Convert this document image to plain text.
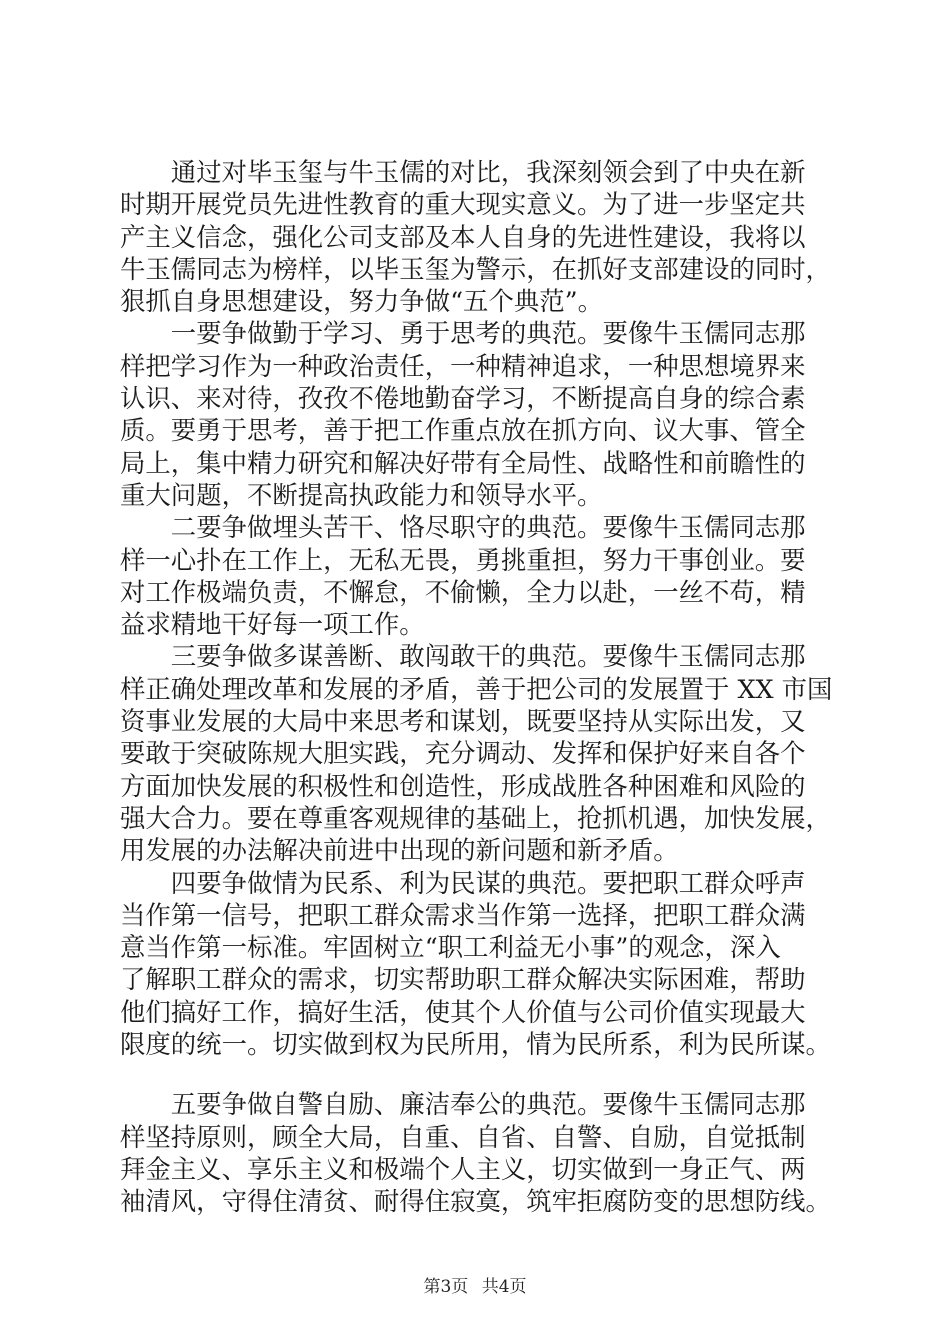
通过对毕玉玺与牛玉儒的对比，我深刻领会到了中央在新
时期开展党员先进性教育的重大现实意义。为了进一步坚定共
产主义信念，强化公司支部及本人自身的先进性建设，我将以
牛玉儒同志为榜样，以毕玉玺为警示，在抓好支部建设的同时，
狠抓自身思想建设，努力争做“五个典范”。

一要争做勤于学习、勇于思考的典范。要像牛玉儒同志那
样把学习作为一种政治责任，一种精神追求，一种思想境界来
认识、来对待，孜孜不倦地勤奋学习，不断提高自身的综合素
质。要勇于思考，善于把工作重点放在抓方向、议大事、管全
局上，集中精力研究和解决好带有全局性、战略性和前瞻性的
重大问题，不断提高执政能力和领导水平。

二要争做埋头苦干、恪尽职守的典范。要像牛玉儒同志那
样一心扑在工作上，无私无畏，勇挑重担，努力干事创业。要
对工作极端负责，不懈怠，不偷懒，全力以赴，一丝不苟，精
益求精地干好每一项工作。

三要争做多谋善断、敢闯敢干的典范。要像牛玉儒同志那
样正确处理改革和发展的矛盾，善于把公司的发展置于 XX 市国
资事业发展的大局中来思考和谋划，既要坚持从实际出发，又
要敢于突破陈规大胆实践，充分调动、发挥和保护好来自各个
方面加快发展的积极性和创造性，形成战胜各种困难和风险的
强大合力。要在尊重客观规律的基础上，抢抓机遇，加快发展，
用发展的办法解决前进中出现的新问题和新矛盾。

四要争做情为民系、利为民谋的典范。要把职工群众呼声
当作第一信号，把职工群众需求当作第一选择，把职工群众满
意当作第一标准。牢固树立“职工利益无小事”的观念，深入
了解职工群众的需求，切实帮助职工群众解决实际困难，帮助
他们搞好工作，搞好生活，使其个人价值与公司价值实现最大
限度的统一。切实做到权为民所用，情为民所系，利为民所谋。

五要争做自警自励、廉洁奉公的典范。要像牛玉儒同志那
样坚持原则，顾全大局，自重、自省、自警、自励，自觉抵制
拜金主义、享乐主义和极端个人主义，切实做到一身正气、两
袖清风，守得住清贫、耐得住寂寞，筑牢拒腐防变的思想防线。

第3页 共4页
